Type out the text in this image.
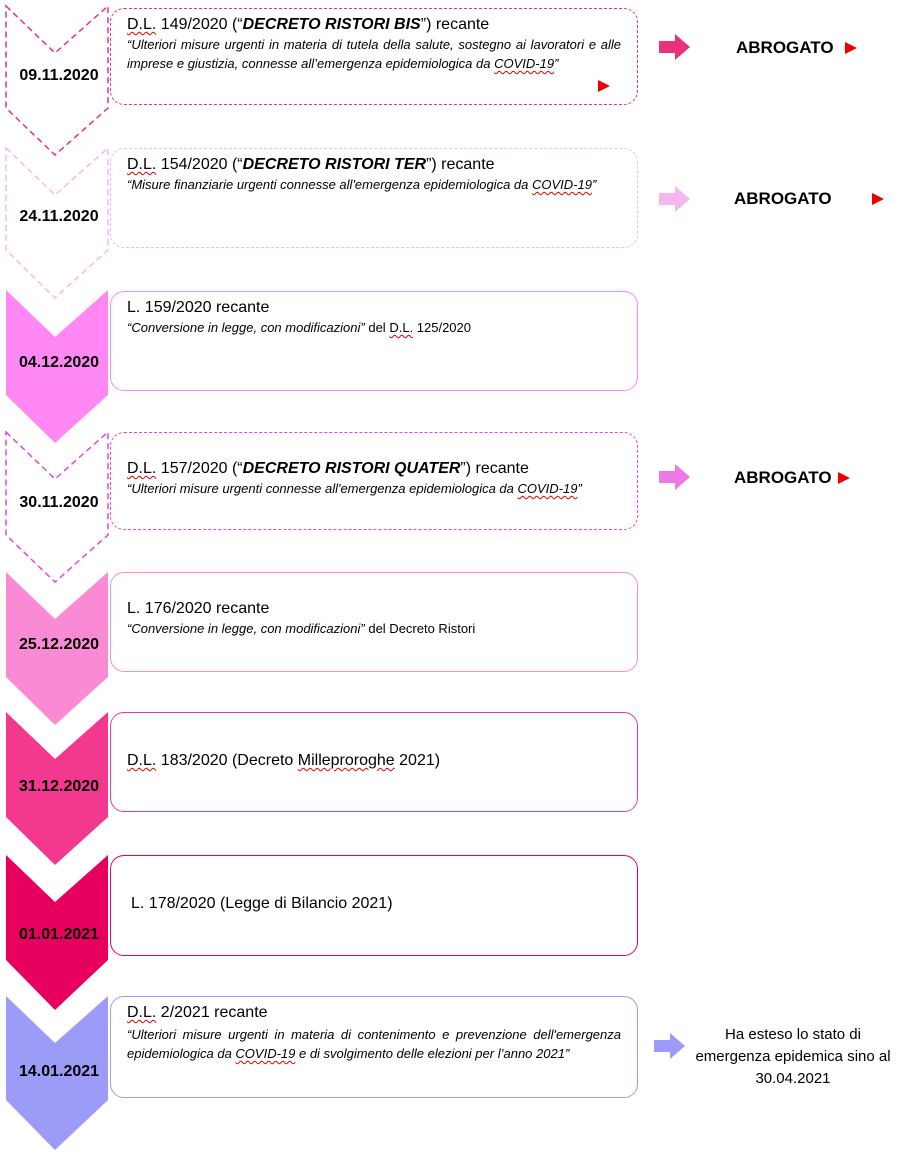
09.11.2020
D.L. 149/2020 (“DECRETO RISTORI BIS”) recante
“Ulteriori misure urgenti in materia di tutela della salute, sostegno ai lavoratori e alle imprese e giustizia, connesse all’emergenza epidemiologica da COVID-19”
ABROGATO
24.11.2020
D.L. 154/2020 (“DECRETO RISTORI TER”) recante
“Misure finanziarie urgenti connesse all'emergenza epidemiologica da COVID-19”
ABROGATO
04.12.2020
L. 159/2020 recante
“Conversione in legge, con modificazioni” del D.L. 125/2020
30.11.2020
D.L. 157/2020 (“DECRETO RISTORI QUATER”) recante
“Ulteriori misure urgenti connesse all'emergenza epidemiologica da COVID-19”
ABROGATO
25.12.2020
L. 176/2020 recante
“Conversione in legge, con modificazioni” del Decreto Ristori
31.12.2020
D.L. 183/2020 (Decreto Milleproroghe 2021)
01.01.2021
L. 178/2020 (Legge di Bilancio 2021)
14.01.2021
D.L. 2/2021 recante
“Ulteriori misure urgenti in materia di contenimento e prevenzione dell'emergenza epidemiologica da COVID-19 e di svolgimento delle elezioni per l’anno 2021”
Ha esteso lo stato di emergenza epidemica sino al 30.04.2021
